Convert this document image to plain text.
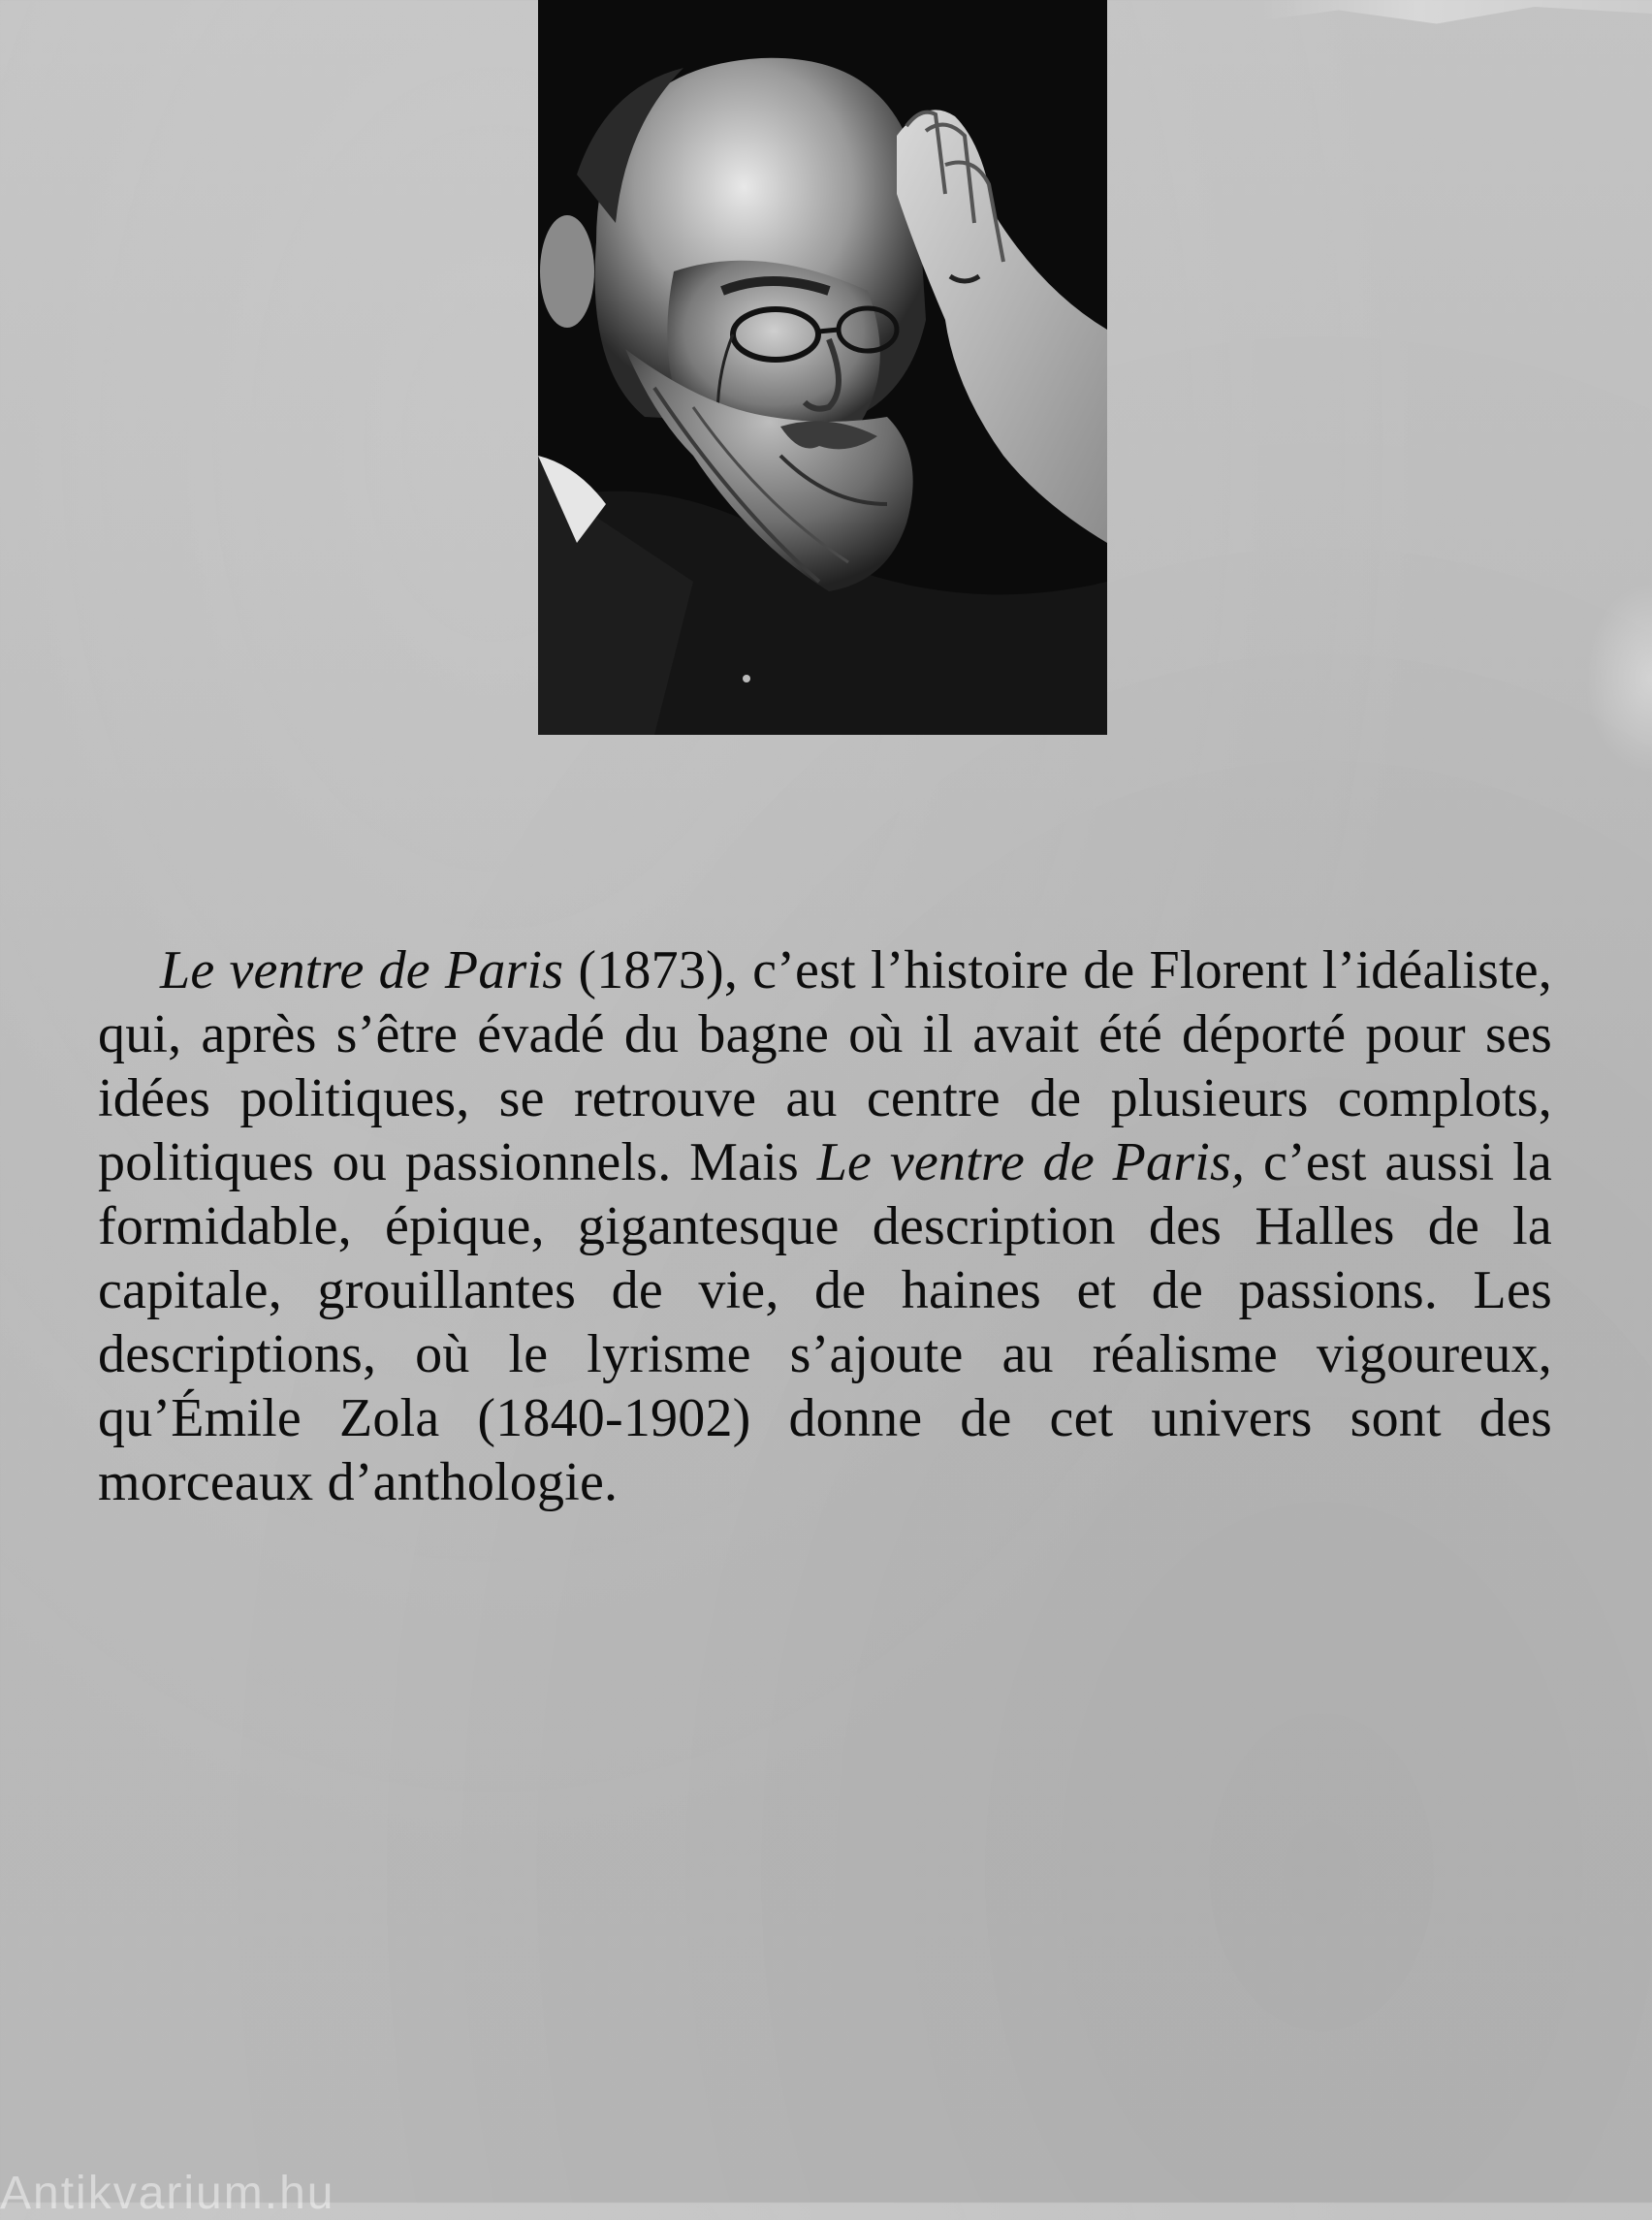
Le ventre de Paris (1873), c’est l’histoire de Florent l’idéaliste, qui, après s’être évadé du bagne où il avait été déporté pour ses idées politiques, se retrouve au centre de plusieurs complots, politiques ou passionnels. Mais Le ventre de Paris, c’est aussi la formidable, épique, gigantesque description des Halles de la capitale, grouillantes de vie, de haines et de passions. Les descriptions, où le lyrisme s’ajoute au réalisme vigoureux, qu’Émile Zola (1840-1902) donne de cet univers sont des morceaux d’anthologie.

Antikvarium.hu
